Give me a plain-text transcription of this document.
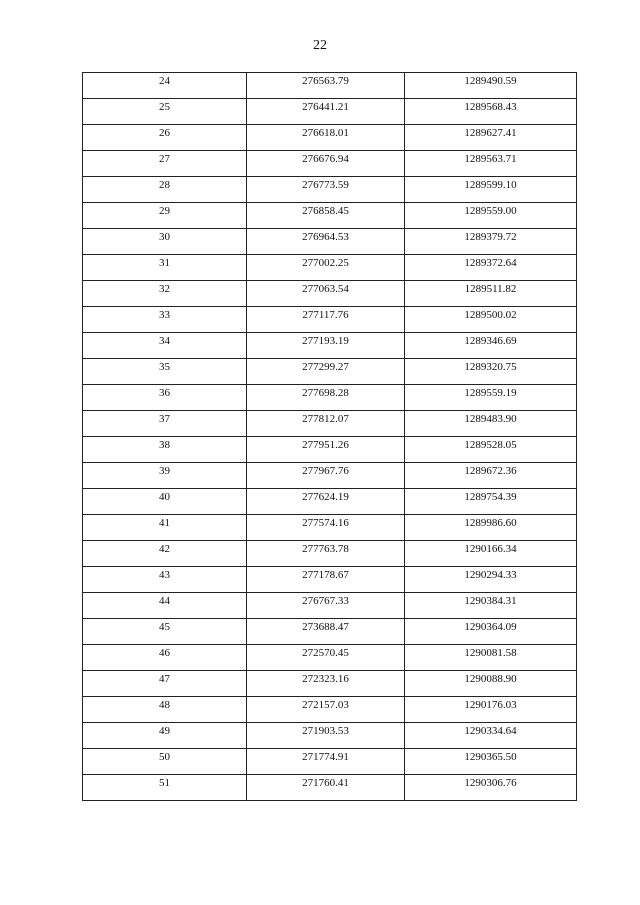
22
24	276563.79	1289490.59
25	276441.21	1289568.43
26	276618.01	1289627.41
27	276676.94	1289563.71
28	276773.59	1289599.10
29	276858.45	1289559.00
30	276964.53	1289379.72
31	277002.25	1289372.64
32	277063.54	1289511.82
33	277117.76	1289500.02
34	277193.19	1289346.69
35	277299.27	1289320.75
36	277698.28	1289559.19
37	277812.07	1289483.90
38	277951.26	1289528.05
39	277967.76	1289672.36
40	277624.19	1289754.39
41	277574.16	1289986.60
42	277763.78	1290166.34
43	277178.67	1290294.33
44	276767.33	1290384.31
45	273688.47	1290364.09
46	272570.45	1290081.58
47	272323.16	1290088.90
48	272157.03	1290176.03
49	271903.53	1290334.64
50	271774.91	1290365.50
51	271760.41	1290306.76
